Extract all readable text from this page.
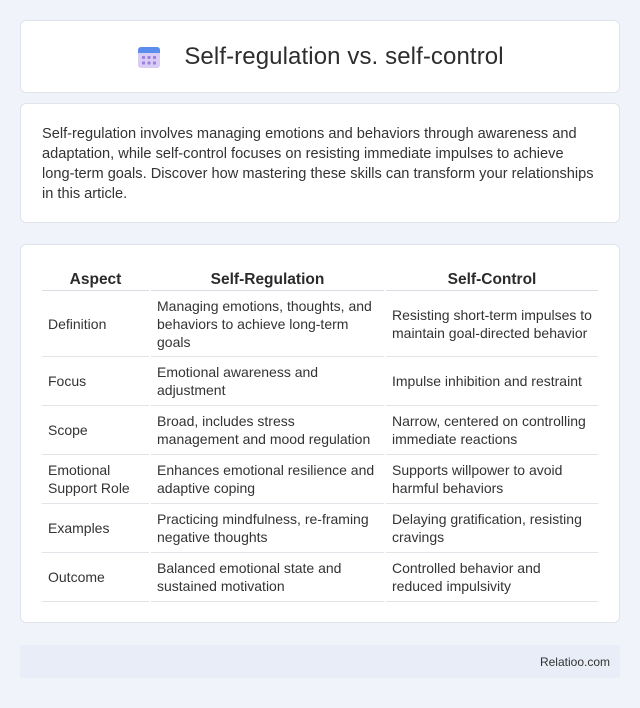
Self-regulation vs. self-control

Self-regulation involves managing emotions and behaviors through awareness and adaptation, while self-control focuses on resisting immediate impulses to achieve long-term goals. Discover how mastering these skills can transform your relationships in this article.

Aspect	Self-Regulation	Self-Control
Definition	Managing emotions, thoughts, and behaviors to achieve long-term goals	Resisting short-term impulses to maintain goal-directed behavior
Focus	Emotional awareness and adjustment	Impulse inhibition and restraint
Scope	Broad, includes stress management and mood regulation	Narrow, centered on controlling immediate reactions
Emotional Support Role	Enhances emotional resilience and adaptive coping	Supports willpower to avoid harmful behaviors
Examples	Practicing mindfulness, re-framing negative thoughts	Delaying gratification, resisting cravings
Outcome	Balanced emotional state and sustained motivation	Controlled behavior and reduced impulsivity
Relatioo.com
